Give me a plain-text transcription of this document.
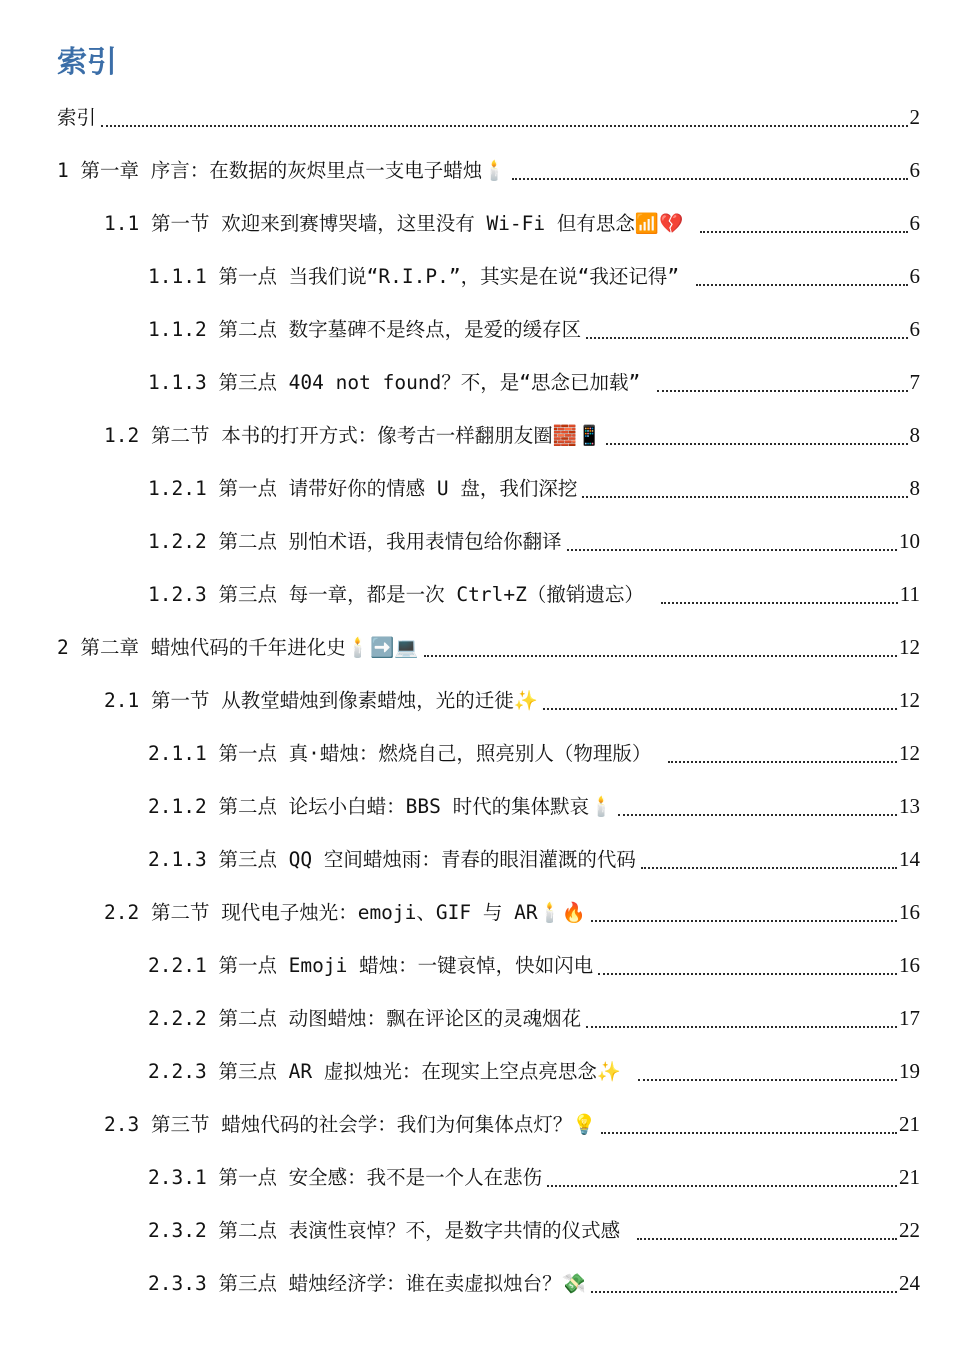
索引
索引	2
1 第一章 序言：在数据的灰烬里点一支电子蜡烛🕯️	6
1.1 第一节 欢迎来到赛博哭墙，这里没有 Wi-Fi 但有思念📶💔	6
1.1.1 第一点 当我们说“R.I.P.”，其实是在说“我还记得”	6
1.1.2 第二点 数字墓碑不是终点，是爱的缓存区	6
1.1.3 第三点 404 not found？不，是“思念已加载”	7
1.2 第二节 本书的打开方式：像考古一样翻朋友圈🧱📱	8
1.2.1 第一点 请带好你的情感 U 盘，我们深挖	8
1.2.2 第二点 别怕术语，我用表情包给你翻译	10
1.2.3 第三点 每一章，都是一次 Ctrl+Z（撤销遗忘）	11
2 第二章 蜡烛代码的千年进化史🕯️➡️💻	12
2.1 第一节 从教堂蜡烛到像素蜡烛，光的迁徙✨	12
2.1.1 第一点 真·蜡烛：燃烧自己，照亮别人（物理版）	12
2.1.2 第二点 论坛小白蜡：BBS 时代的集体默哀🕯️	13
2.1.3 第三点 QQ 空间蜡烛雨：青春的眼泪灌溉的代码	14
2.2 第二节 现代电子烛光：emoji、GIF 与 AR🕯️🔥	16
2.2.1 第一点 Emoji 蜡烛：一键哀悼，快如闪电	16
2.2.2 第二点 动图蜡烛：飘在评论区的灵魂烟花	17
2.2.3 第三点 AR 虚拟烛光：在现实上空点亮思念✨	19
2.3 第三节 蜡烛代码的社会学：我们为何集体点灯？💡	21
2.3.1 第一点 安全感：我不是一个人在悲伤	21
2.3.2 第二点 表演性哀悼？不，是数字共情的仪式感	22
2.3.3 第三点 蜡烛经济学：谁在卖虚拟烛台？💸	24
